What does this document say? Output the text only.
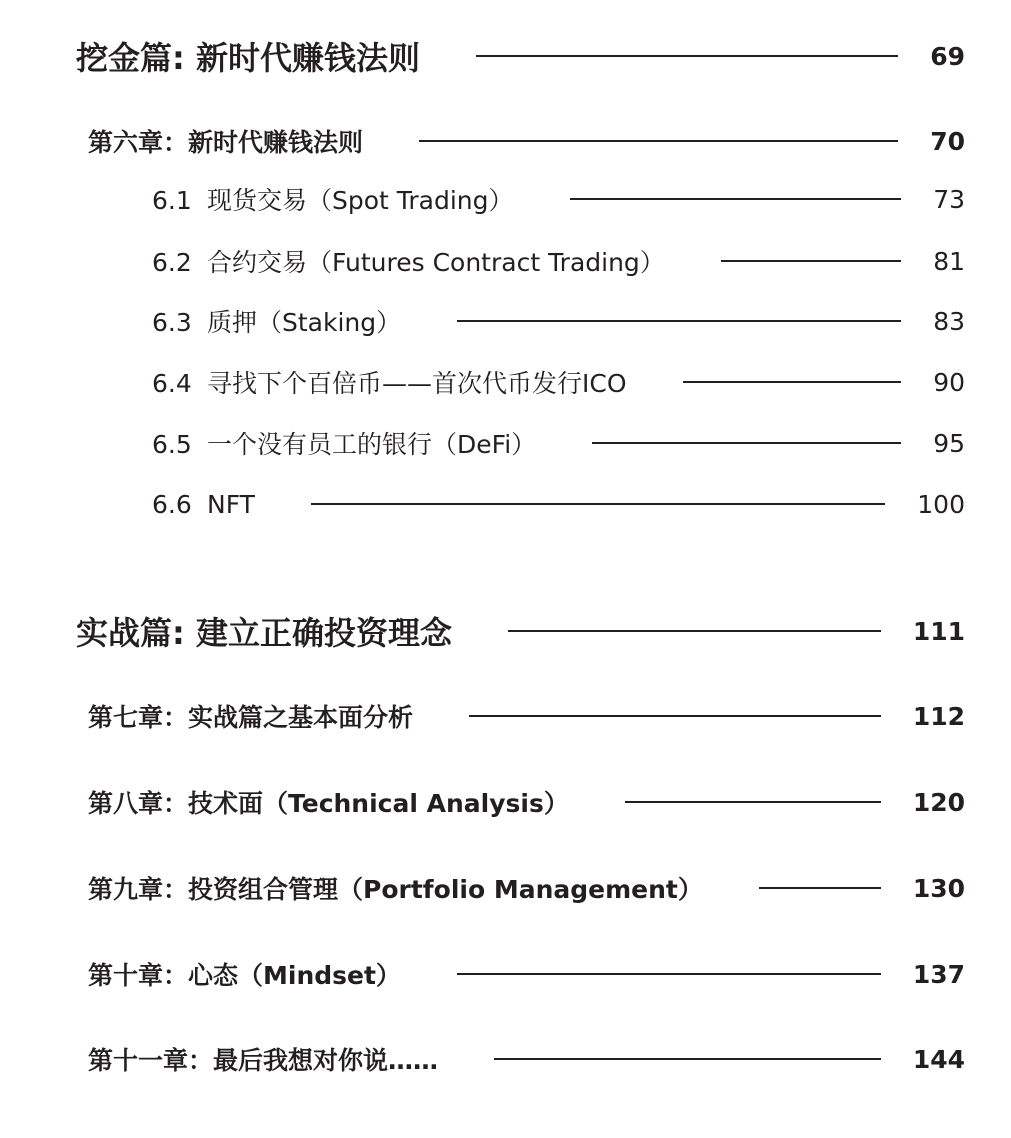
挖金篇: 新时代赚钱法则	69
第六章：新时代赚钱法则	70
6.1 现货交易（Spot Trading）	73
6.2 合约交易（Futures Contract Trading）	81
6.3 质押（Staking）	83
6.4 寻找下个百倍币——首次代币发行ICO	90
6.5 一个没有员工的银行（DeFi）	95
6.6 NFT	100
实战篇: 建立正确投资理念	111
第七章：实战篇之基本面分析	112
第八章：技术面（Technical Analysis）	120
第九章：投资组合管理（Portfolio Management）	130
第十章：心态（Mindset）	137
第十一章：最后我想对你说……	144
